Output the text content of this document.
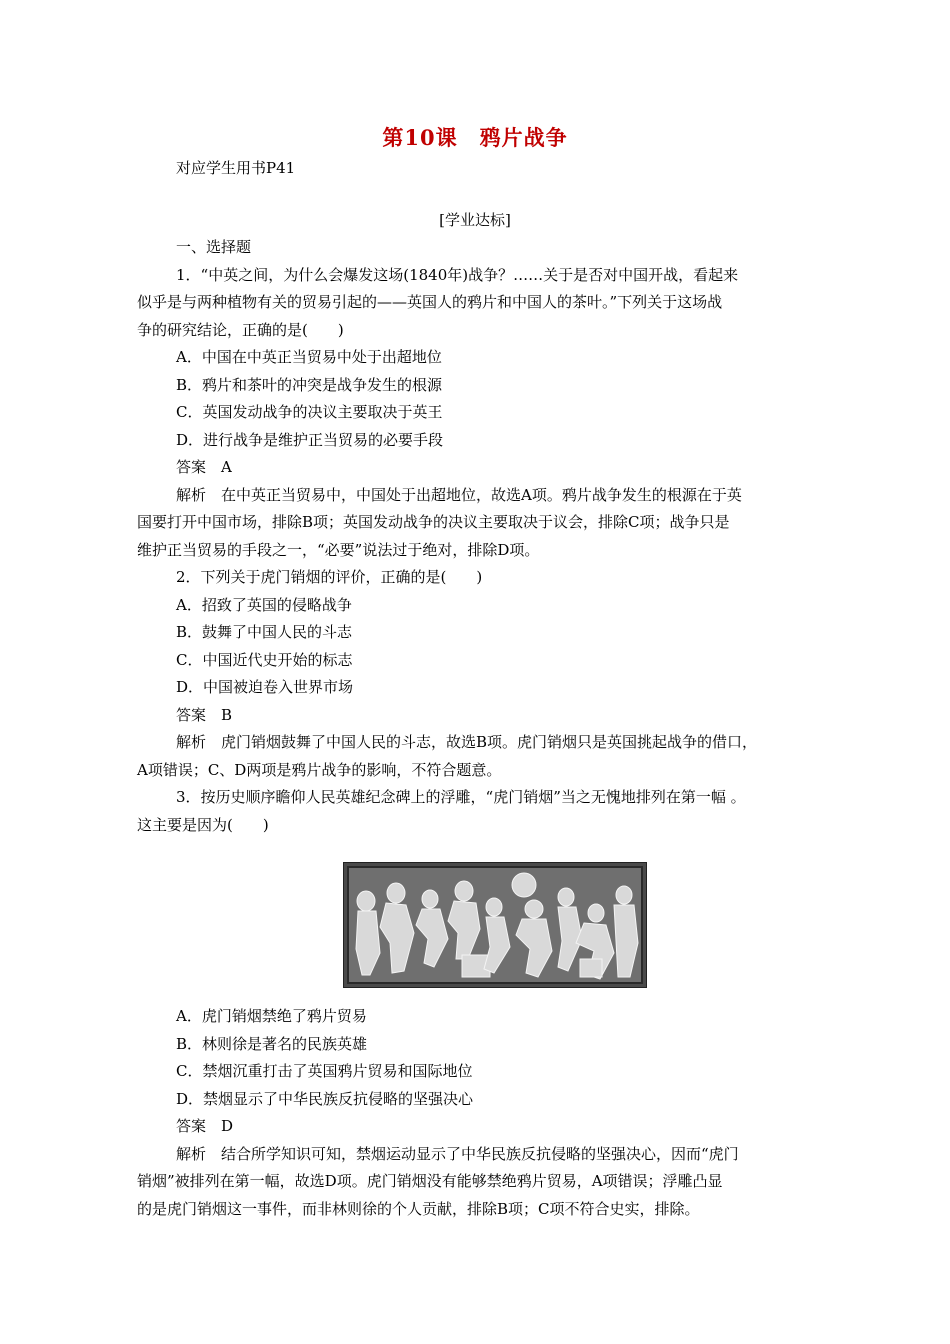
第10课　鸦片战争
对应学生用书P41
[学业达标]
一、选择题
1．“中英之间，为什么会爆发这场(1840年)战争？……关于是否对中国开战，看起来
似乎是与两种植物有关的贸易引起的——英国人的鸦片和中国人的茶叶。”下列关于这场战
争的研究结论，正确的是(　　)
A．中国在中英正当贸易中处于出超地位
B．鸦片和茶叶的冲突是战争发生的根源
C．英国发动战争的决议主要取决于英王
D．进行战争是维护正当贸易的必要手段
答案　A
解析　在中英正当贸易中，中国处于出超地位，故选A项。鸦片战争发生的根源在于英
国要打开中国市场，排除B项；英国发动战争的决议主要取决于议会，排除C项；战争只是
维护正当贸易的手段之一，“必要”说法过于绝对，排除D项。
2．下列关于虎门销烟的评价，正确的是(　　)
A．招致了英国的侵略战争
B．鼓舞了中国人民的斗志
C．中国近代史开始的标志
D．中国被迫卷入世界市场
答案　B
解析　虎门销烟鼓舞了中国人民的斗志，故选B项。虎门销烟只是英国挑起战争的借口，
A项错误；C、D两项是鸦片战争的影响，不符合题意。
3．按历史顺序瞻仰人民英雄纪念碑上的浮雕，“虎门销烟”当之无愧地排列在第一幅 。
这主要是因为(　　)
A．虎门销烟禁绝了鸦片贸易
B．林则徐是著名的民族英雄
C．禁烟沉重打击了英国鸦片贸易和国际地位
D．禁烟显示了中华民族反抗侵略的坚强决心
答案　D
解析　结合所学知识可知，禁烟运动显示了中华民族反抗侵略的坚强决心，因而“虎门
销烟”被排列在第一幅，故选D项。虎门销烟没有能够禁绝鸦片贸易，A项错误；浮雕凸显
的是虎门销烟这一事件，而非林则徐的个人贡献，排除B项；C项不符合史实，排除。
